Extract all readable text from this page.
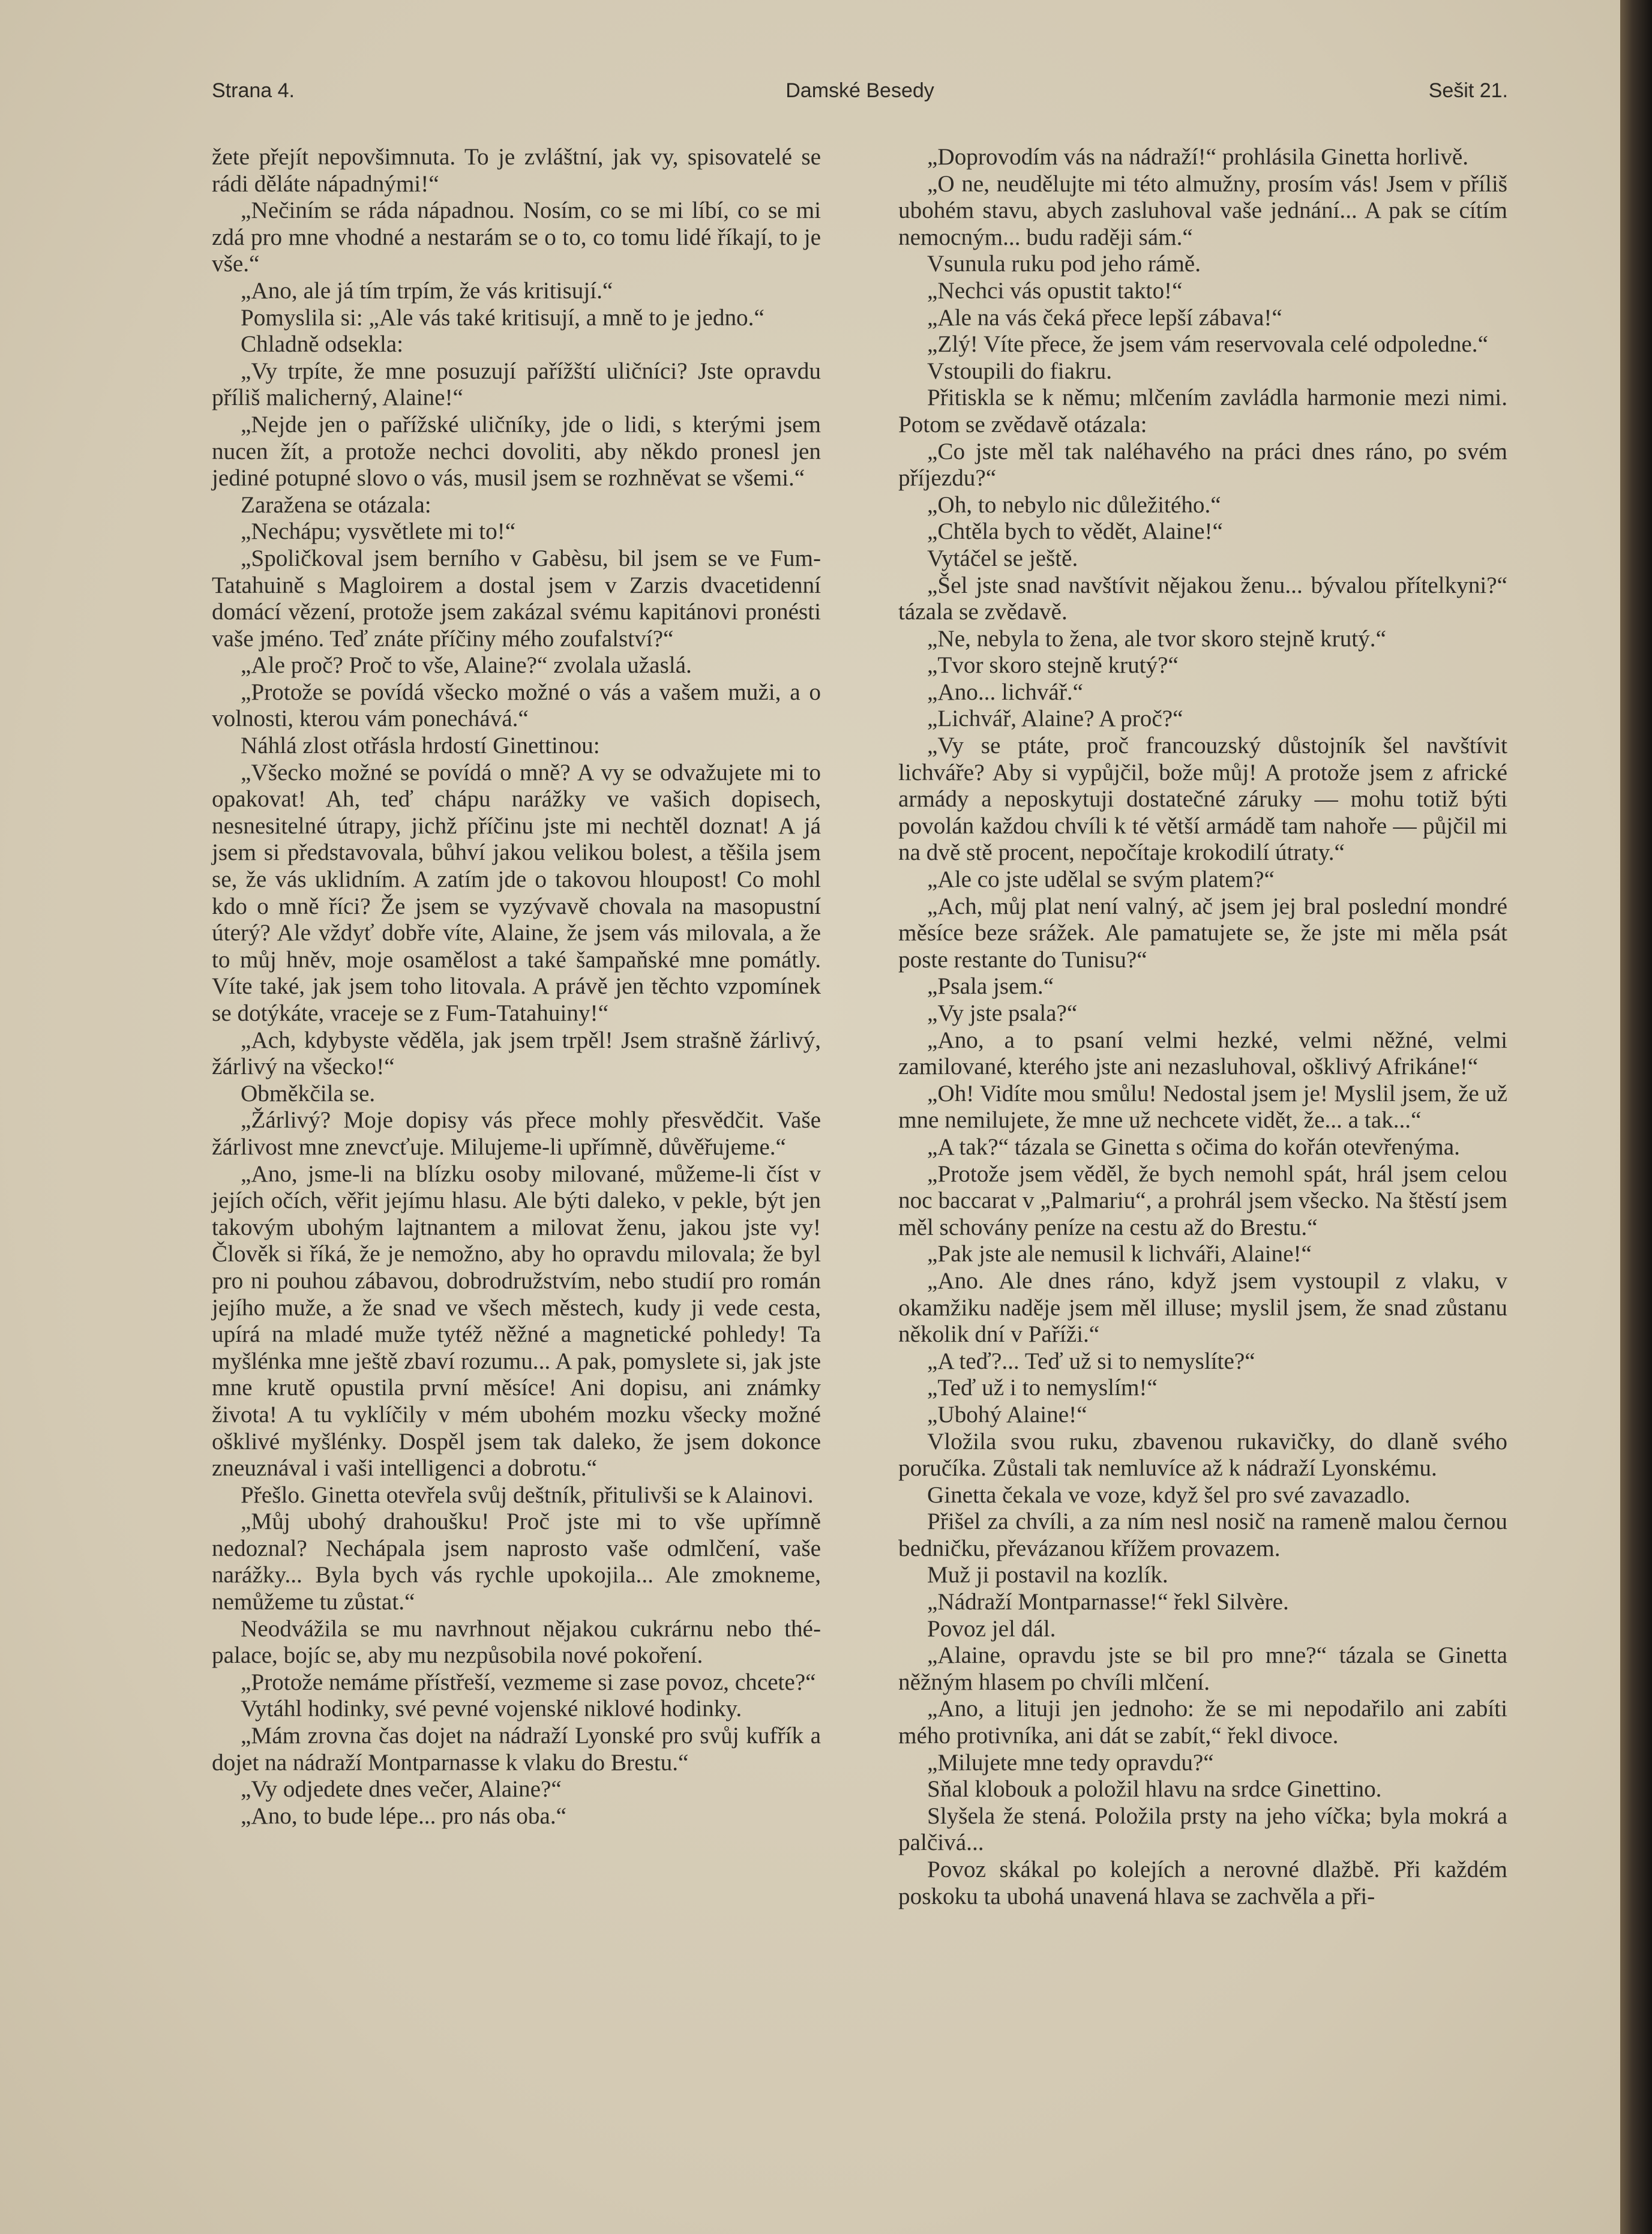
Strana 4.	Damské Besedy	Sešit 21.

žete přejít nepovšimnuta. To je zvláštní, jak vy, spisovatelé se rádi děláte nápadnými!“

„Nečiním se ráda nápadnou. Nosím, co se mi líbí, co se mi zdá pro mne vhodné a nestarám se o to, co tomu lidé říkají, to je vše.“

„Ano, ale já tím trpím, že vás kritisují.“

Pomyslila si: „Ale vás také kritisují, a mně to je jedno.“

Chladně odsekla:

„Vy trpíte, že mne posuzují pařížští uličníci? Jste opravdu příliš malicherný, Alaine!“

„Nejde jen o pařížské uličníky, jde o lidi, s kterými jsem nucen žít, a protože nechci dovoliti, aby někdo pronesl jen jediné potupné slovo o vás, musil jsem se rozhněvat se všemi.“

Zaražena se otázala:

„Nechápu; vysvětlete mi to!“

„Spoličkoval jsem berního v Gabèsu, bil jsem se ve Fum-Tatahuině s Magloirem a dostal jsem v Zarzis dvacetidenní domácí vězení, protože jsem zakázal svému kapitánovi pronésti vaše jméno. Teď znáte příčiny mého zoufalství?“

„Ale proč? Proč to vše, Alaine?“ zvolala užaslá.

„Protože se povídá všecko možné o vás a vašem muži, a o volnosti, kterou vám ponechává.“

Náhlá zlost otřásla hrdostí Ginettinou:

„Všecko možné se povídá o mně? A vy se odvažujete mi to opakovat! Ah, teď chápu narážky ve vašich dopisech, nesnesitelné útrapy, jichž příčinu jste mi nechtěl doznat! A já jsem si představovala, bůhví jakou velikou bolest, a těšila jsem se, že vás uklidním. A zatím jde o takovou hloupost! Co mohl kdo o mně říci? Že jsem se vyzývavě chovala na masopustní úterý? Ale vždyť dobře víte, Alaine, že jsem vás milovala, a že to můj hněv, moje osamělost a také šampaňské mne pomátly. Víte také, jak jsem toho litovala. A právě jen těchto vzpomínek se dotýkáte, vraceje se z Fum-Tatahuiny!“

„Ach, kdybyste věděla, jak jsem trpěl! Jsem strašně žárlivý, žárlivý na všecko!“

Obměkčila se.

„Žárlivý? Moje dopisy vás přece mohly přesvědčit. Vaše žárlivost mne znevcťuje. Milujeme-li upřímně, důvěřujeme.“

„Ano, jsme-li na blízku osoby milované, můžeme-li číst v jejích očích, věřit jejímu hlasu. Ale býti daleko, v pekle, být jen takovým ubohým lajtnantem a milovat ženu, jakou jste vy! Člověk si říká, že je nemožno, aby ho opravdu milovala; že byl pro ni pouhou zábavou, dobrodružstvím, nebo studií pro román jejího muže, a že snad ve všech městech, kudy ji vede cesta, upírá na mladé muže tytéž něžné a magnetické pohledy! Ta myšlénka mne ještě zbaví rozumu... A pak, pomyslete si, jak jste mne krutě opustila první měsíce! Ani dopisu, ani známky života! A tu vyklíčily v mém ubohém mozku všecky možné ošklivé myšlénky. Dospěl jsem tak daleko, že jsem dokonce zneuznával i vaši intelligenci a dobrotu.“

Přešlo. Ginetta otevřela svůj deštník, přitulivši se k Alainovi.

„Můj ubohý drahoušku! Proč jste mi to vše upřímně nedoznal? Nechápala jsem naprosto vaše odmlčení, vaše narážky... Byla bych vás rychle upokojila... Ale zmokneme, nemůžeme tu zůstat.“

Neodvážila se mu navrhnout nějakou cukrárnu nebo thé-palace, bojíc se, aby mu nezpůsobila nové pokoření.

„Protože nemáme přístřeší, vezmeme si zase povoz, chcete?“

Vytáhl hodinky, své pevné vojenské niklové hodinky.

„Mám zrovna čas dojet na nádraží Lyonské pro svůj kufřík a dojet na nádraží Montparnasse k vlaku do Brestu.“

„Vy odjedete dnes večer, Alaine?“

„Ano, to bude lépe... pro nás oba.“

„Doprovodím vás na nádraží!“ prohlásila Ginetta horlivě.

„O ne, neudělujte mi této almužny, prosím vás! Jsem v příliš ubohém stavu, abych zasluhoval vaše jednání... A pak se cítím nemocným... budu raději sám.“

Vsunula ruku pod jeho rámě.

„Nechci vás opustit takto!“

„Ale na vás čeká přece lepší zábava!“

„Zlý! Víte přece, že jsem vám reservovala celé odpoledne.“

Vstoupili do fiakru.

Přitiskla se k němu; mlčením zavládla harmonie mezi nimi. Potom se zvědavě otázala:

„Co jste měl tak naléhavého na práci dnes ráno, po svém příjezdu?“

„Oh, to nebylo nic důležitého.“

„Chtěla bych to vědět, Alaine!“

Vytáčel se ještě.

„Šel jste snad navštívit nějakou ženu... bývalou přítelkyni?“ tázala se zvědavě.

„Ne, nebyla to žena, ale tvor skoro stejně krutý.“

„Tvor skoro stejně krutý?“

„Ano... lichvář.“

„Lichvář, Alaine? A proč?“

„Vy se ptáte, proč francouzský důstojník šel navštívit lichváře? Aby si vypůjčil, bože můj! A protože jsem z africké armády a neposkytuji dostatečné záruky — mohu totiž býti povolán každou chvíli k té větší armádě tam nahoře — půjčil mi na dvě stě procent, nepočítaje krokodilí útraty.“

„Ale co jste udělal se svým platem?“

„Ach, můj plat není valný, ač jsem jej bral poslední mondré měsíce beze srážek. Ale pamatujete se, že jste mi měla psát poste restante do Tunisu?“

„Psala jsem.“

„Vy jste psala?“

„Ano, a to psaní velmi hezké, velmi něžné, velmi zamilované, kterého jste ani nezasluhoval, ošklivý Afrikáne!“

„Oh! Vidíte mou smůlu! Nedostal jsem je! Myslil jsem, že už mne nemilujete, že mne už nechcete vidět, že... a tak...“

„A tak?“ tázala se Ginetta s očima do kořán otevřenýma.

„Protože jsem věděl, že bych nemohl spát, hrál jsem celou noc baccarat v „Palmariu“, a prohrál jsem všecko. Na štěstí jsem měl schovány peníze na cestu až do Brestu.“

„Pak jste ale nemusil k lichváři, Alaine!“

„Ano. Ale dnes ráno, když jsem vystoupil z vlaku, v okamžiku naděje jsem měl illuse; myslil jsem, že snad zůstanu několik dní v Paříži.“

„A teď?... Teď už si to nemyslíte?“

„Teď už i to nemyslím!“

„Ubohý Alaine!“

Vložila svou ruku, zbavenou rukavičky, do dlaně svého poručíka. Zůstali tak nemluvíce až k nádraží Lyonskému.

Ginetta čekala ve voze, když šel pro své zavazadlo.

Přišel za chvíli, a za ním nesl nosič na rameně malou černou bedničku, převázanou křížem provazem.

Muž ji postavil na kozlík.

„Nádraží Montparnasse!“ řekl Silvère.

Povoz jel dál.

„Alaine, opravdu jste se bil pro mne?“ tázala se Ginetta něžným hlasem po chvíli mlčení.

„Ano, a lituji jen jednoho: že se mi nepodařilo ani zabíti mého protivníka, ani dát se zabít,“ řekl divoce.

„Milujete mne tedy opravdu?“

Sňal klobouk a položil hlavu na srdce Ginettino.

Slyšela že stená. Položila prsty na jeho víčka; byla mokrá a palčivá...

Povoz skákal po kolejích a nerovné dlažbě. Při každém poskoku ta ubohá unavená hlava se zachvěla a při-
